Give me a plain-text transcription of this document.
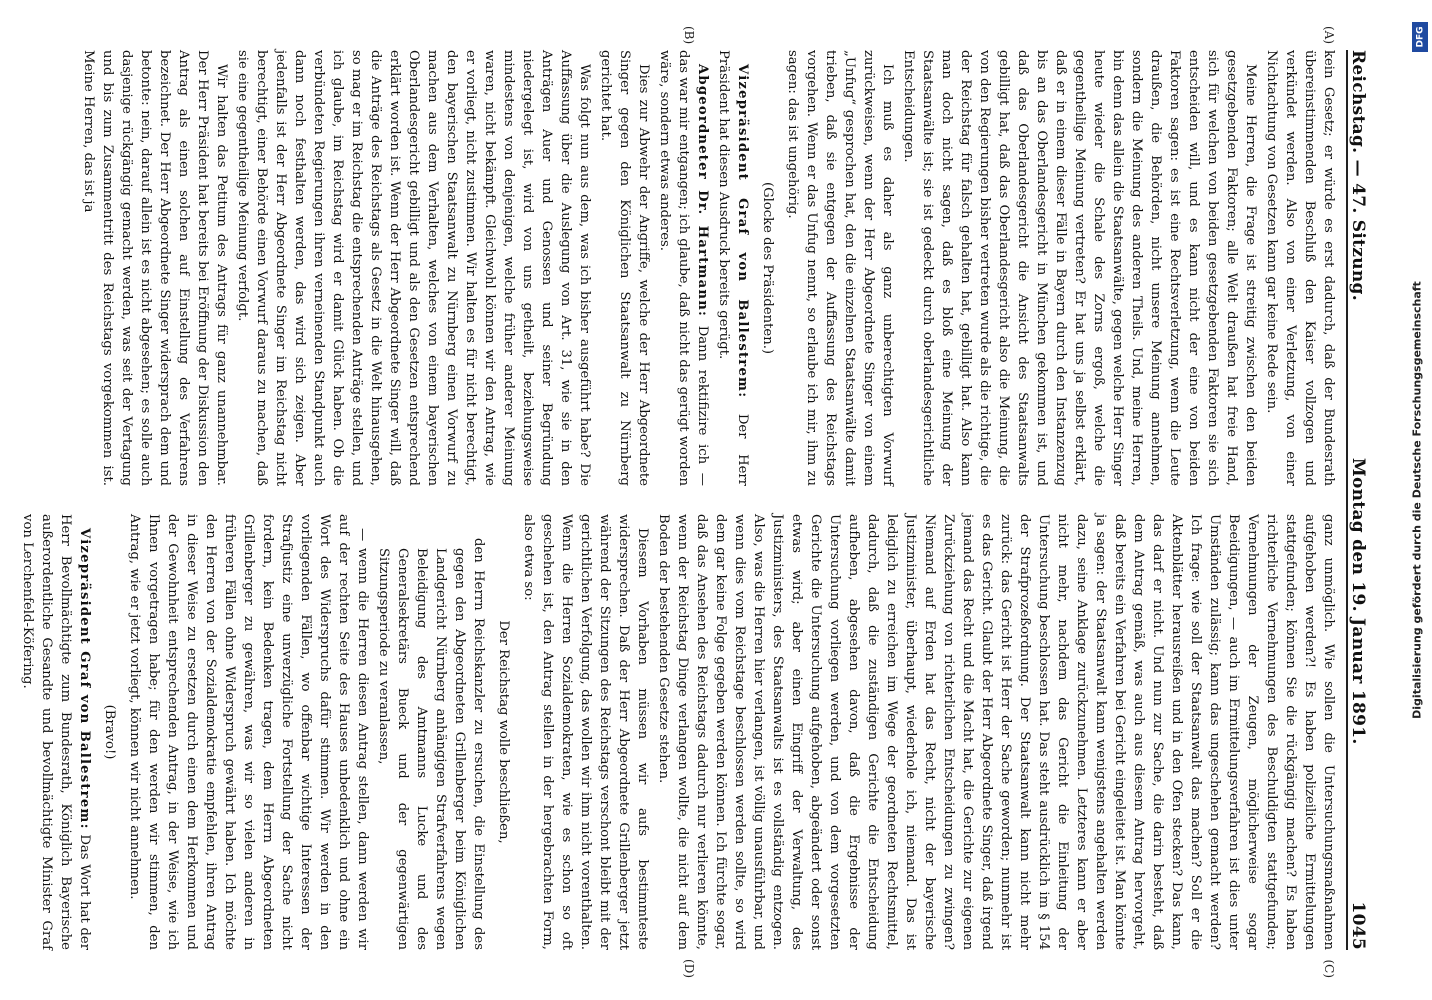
Reichstag. — 47. Sitzung.
Montag den 19. Januar 1891.
1045
(A)
(B)

kein Gesetz; er würde es erst dadurch, daß der Bundesrath übereinstimmenden Beschluß den Kaiser vollzogen und verkündet werden. Also von einer Verletzung, von einer Nichtachtung von Gesetzen kann gar keine Rede sein.

Meine Herren, die Frage ist streitig zwischen den beiden gesetzgebenden Faktoren; alle Welt draußen hat freie Hand, sich für welchen von beiden gesetzgebenden Faktoren sie sich entscheiden will, und es kann nicht der eine von beiden Faktoren sagen: es ist eine Rechtsverletzung, wenn die Leute draußen, die Behörden, nicht unsere Meinung annehmen, sondern die Meinung des anderen Theils. Und, meine Herren, bin denn das allein die Staatsanwälte, gegen welche Herr Singer heute wieder die Schale des Zorns ergoß, welche die gegentheilige Meinung vertreten? Er hat uns ja selbst erklärt, daß er in einem dieser Fälle in Bayern durch den Instanzenzug bis an das Oberlandesgericht in München gekommen ist, und daß das Oberlandesgericht die Ansicht des Staatsanwalts gebilligt hat, daß das Oberlandesgericht also die Meinung, die von den Regierungen bisher vertreten wurde als die richtige, die der Reichstag für falsch gehalten hat, gebilligt hat. Also kann man doch nicht sagen, daß es bloß eine Meinung der Staatsanwälte ist; sie ist gedeckt durch oberlandesgerichtliche Entscheidungen.

Ich muß es daher als ganz unberechtigten Vorwurf zurückweisen, wenn der Herr Abgeordnete Singer von einem „Unfug“ gesprochen hat, den die einzelnen Staatsanwälte damit trieben, daß sie entgegen der Auffassung des Reichstags vorgehen. Wenn er das Unfug nennt, so erlaube ich mir, ihm zu sagen: das ist ungehörig.

(Glocke des Präsidenten.)

Vizepräsident Graf von Ballestrem: Der Herr Präsident hat diesen Ausdruck bereits gerügt.

Abgeordneter Dr. Hartmann: Dann rektifizire ich — das war mir entgangen; ich glaube, daß nicht das gerügt worden wäre, sondern etwas anderes.

Dies zur Abwehr der Angriffe, welche der Herr Abgeordnete Singer gegen den Königlichen Staatsanwalt zu Nürnberg gerichtet hat.

Was folgt nun aus dem, was ich bisher ausgeführt habe? Die Auffassung über die Auslegung von Art. 31, wie sie in den Anträgen Auer und Genossen und seiner Begründung niedergelegt ist, wird von uns getheilt, beziehungsweise mindestens von denjenigen, welche früher anderer Meinung waren, nicht bekämpft. Gleichwohl können wir den Antrag, wie er vorliegt, nicht zustimmen. Wir halten es für nicht berechtigt, den bayerischen Staatsanwalt zu Nürnberg einen Vorwurf zu machen aus dem Verhalten, welches von einem bayerischen Oberlandesgericht gebilligt und als den Gesetzen entsprechend erklärt worden ist. Wenn der Herr Abgeordnete Singer will, daß die Anträge des Reichstags als Gesetz in die Welt hinausgehen, so mag er im Reichstag die entsprechenden Anträge stellen, und ich glaube, im Reichstag wird er damit Glück haben. Ob die verbündeten Regierungen ihren verneinenden Standpunkt auch dann noch festhalten werden, das wird sich zeigen. Aber jedenfalls ist der Herr Abgeordnete Singer im Reichstag nicht berechtigt, einer Behörde einen Vorwurf daraus zu machen, daß sie eine gegentheilige Meinung verfolgt.

Wir halten das Petitum des Antrags für ganz unannehmbar. Der Herr Präsident hat bereits bei Eröffnung der Diskussion den Antrag als einen solchen auf Einstellung des Verfahrens bezeichnet. Der Herr Abgeordnete Singer widersprach dem und betonte: nein, darauf allein ist es nicht abgesehen; es solle auch dasjenige rückgängig gemacht werden, was seit der Vertagung und bis zum Zusammentritt des Reichstags vorgekommen ist. Meine Herren, das ist ja

(C)
(D)

ganz unmöglich. Wie sollen die Untersuchungsmaßnahmen aufgehoben werden?! Es haben polizeiliche Ermittelungen stattgefunden; können Sie die rückgängig machen? Es haben richterliche Vernehmungen des Beschuldigten stattgefunden; Vernehmungen der Zeugen, möglicherweise sogar Beeidigungen, — auch im Ermittelungsverfahren ist dies unter Umständen zulässig; kann das ungeschehen gemacht werden? Ich frage: wie soll der Staatsanwalt das machen? Soll er die Aktenblätter herausreißen und in den Ofen stecken? Das kann, das darf er nicht. Und nun zur Sache, die darin besteht, daß dem Antrag gemäß, was auch aus diesem Antrag hervorgeht, daß bereits ein Verfahren bei Gericht eingeleitet ist. Man könnte ja sagen: der Staatsanwalt kann wenigstens angehalten werden dazu, seine Anklage zurückzunehmen. Letzteres kann er aber nicht mehr, nachdem das Gericht die Einleitung der Untersuchung beschlossen hat. Das steht ausdrücklich im § 154 der Strafprozeßordnung. Der Staatsanwalt kann nicht mehr zurück: das Gericht ist Herr der Sache geworden; nunmehr ist es das Gericht. Glaubt der Herr Abgeordnete Singer, daß irgend jemand das Recht und die Macht hat, die Gerichte zur eigenen Zurückziehung von richterlichen Entscheidungen zu zwingen? Niemand auf Erden hat das Recht, nicht der bayerische Justizminister, überhaupt, wiederhole ich, niemand. Das ist lediglich zu erreichen im Wege der geordneten Rechtsmittel, dadurch, daß die zuständigen Gerichte die Entscheidung aufheben, abgesehen davon, daß die Ergebnisse der Untersuchung vorliegen werden, und von dem vorgesetzten Gerichte die Untersuchung aufgehoben, abgeändert oder sonst etwas wird; aber einen Eingriff der Verwaltung, des Justizministers, des Staatsanwalts ist es vollständig entzogen. Also, was die Herren hier verlangen, ist völlig unausführbar, und wenn dies vom Reichstage beschlossen werden sollte, so wird dem gar keine Folge gegeben werden können. Ich fürchte sogar, daß das Ansehen des Reichstags dadurch nur verlieren könnte, wenn der Reichstag Dinge verlangen wollte, die nicht auf dem Boden der bestehenden Gesetze stehen.

Diesem Vorhaben müssen wir aufs bestimmteste widersprechen. Daß der Herr Abgeordnete Grillenberger jetzt während der Sitzungen des Reichstags verschont bleibt mit der gerichtlichen Verfolgung, das wollen wir ihm nicht vorenthalten. Wenn die Herren Sozialdemokraten, wie es schon so oft geschehen ist, den Antrag stellen in der hergebrachten Form, also etwa so:

Der Reichstag wolle beschließen,

den Herrn Reichskanzler zu ersuchen, die Einstellung des gegen den Abgeordneten Grillenberger beim Königlichen Landgericht Nürnberg anhängigen Strafverfahrens wegen Beleidigung des Amtmanns Lucke und des Generalsekretärs Bueck und der gegenwärtigen Sitzungsperiode zu veranlassen,

— wenn die Herren diesen Antrag stellen, dann werden wir auf der rechten Seite des Hauses unbedenklich und ohne ein Wort des Widerspruchs dafür stimmen. Wir werden in den vorliegenden Fällen, wo offenbar wichtige Interessen der Strafjustiz eine unverzügliche Fortstellung der Sache nicht fordern, kein Bedenken tragen, dem Herrn Abgeordneten Grillenberger zu gewähren, was wir so vielen anderen in früheren Fällen ohne Widerspruch gewährt haben. Ich möchte den Herren von der Sozialdemokratie empfehlen, ihren Antrag in dieser Weise zu ersetzen durch einen dem Herkommen und der Gewohnheit entsprechenden Antrag, in der Weise, wie ich Ihnen vorgetragen habe; für den werden wir stimmen, den Antrag, wie er jetzt vorliegt, können wir nicht annehmen.

(Bravo!)

Vizepräsident Graf von Ballestrem: Das Wort hat der Herr Bevollmächtigte zum Bundesrath, Königlich Bayerische außerordentliche Gesandte und bevollmächtigte Minister Graf von Lerchenfeld-Köfering.

DFG
Digitalisierung gefördert durch die Deutsche Forschungsgemeinschaft
